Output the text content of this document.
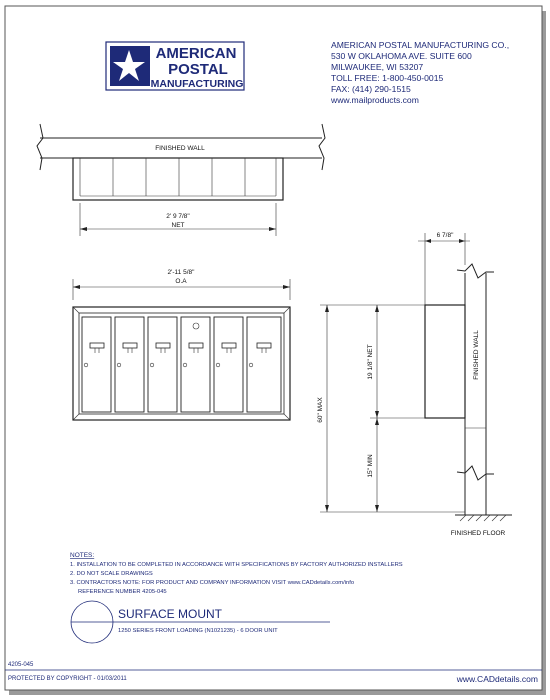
AMERICAN
POSTAL
MANUFACTURING
AMERICAN POSTAL MANUFACTURING CO.,
530 W OKLAHOMA AVE. SUITE 600
MILWAUKEE, WI 53207
TOLL FREE: 1-800-450-0015
FAX: (414) 290-1515
www.mailproducts.com
FINISHED WALL
2' 9 7/8"
NET
2'-11 5/8"
O.A
6 7/8"
FINISHED WALL
60" MAX
19 1/8" NET
15" MIN
FINISHED FLOOR
NOTES:
1. INSTALLATION TO BE COMPLETED IN ACCORDANCE WITH SPECIFICATIONS BY FACTORY AUTHORIZED INSTALLERS
2. DO NOT SCALE DRAWINGS
3. CONTRACTORS NOTE: FOR PRODUCT AND COMPANY INFORMATION VISIT www.CADdetails.com/info
REFERENCE NUMBER 4205-045
SURFACE MOUNT
1250 SERIES FRONT LOADING (N1021235) - 6 DOOR UNIT
4205-045
PROTECTED BY COPYRIGHT - 01/03/2011	www.CADdetails.com
